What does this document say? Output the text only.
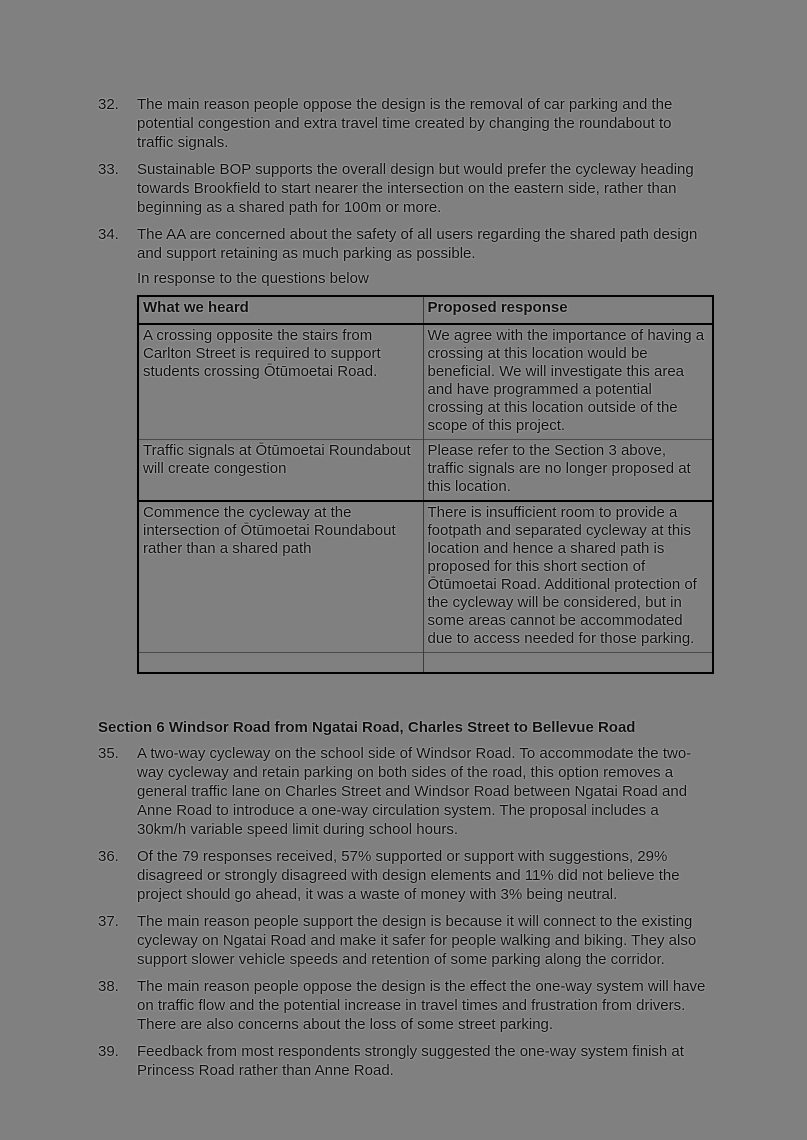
32.	The main reason people oppose the design is the removal of car parking and the potential congestion and extra travel time created by changing the roundabout to traffic signals.
33.	Sustainable BOP supports the overall design but would prefer the cycleway heading towards Brookfield to start nearer the intersection on the eastern side, rather than beginning as a shared path for 100m or more.
34.	The AA are concerned about the safety of all users regarding the shared path design and support retaining as much parking as possible.
In response to the questions below
What we heard	Proposed response
A crossing opposite the stairs from Carlton Street is required to support students crossing Ōtūmoetai Road.	We agree with the importance of having a crossing at this location would be beneficial. We will investigate this area and have programmed a potential crossing at this location outside of the scope of this project.
Traffic signals at Ōtūmoetai Roundabout will create congestion	Please refer to the Section 3 above, traffic signals are no longer proposed at this location.
Commence the cycleway at the intersection of Ōtūmoetai Roundabout rather than a shared path	There is insufficient room to provide a footpath and separated cycleway at this location and hence a shared path is proposed for this short section of Ōtūmoetai Road. Additional protection of the cycleway will be considered, but in some areas cannot be accommodated due to access needed for those parking.

Section 6 Windsor Road from Ngatai Road, Charles Street to Bellevue Road
35.	A two-way cycleway on the school side of Windsor Road. To accommodate the two-way cycleway and retain parking on both sides of the road, this option removes a general traffic lane on Charles Street and Windsor Road between Ngatai Road and Anne Road to introduce a one-way circulation system. The proposal includes a 30km/h variable speed limit during school hours.
36.	Of the 79 responses received, 57% supported or support with suggestions, 29% disagreed or strongly disagreed with design elements and 11% did not believe the project should go ahead, it was a waste of money with 3% being neutral.
37.	The main reason people support the design is because it will connect to the existing cycleway on Ngatai Road and make it safer for people walking and biking. They also support slower vehicle speeds and retention of some parking along the corridor.
38.	The main reason people oppose the design is the effect the one-way system will have on traffic flow and the potential increase in travel times and frustration from drivers. There are also concerns about the loss of some street parking.
39.	Feedback from most respondents strongly suggested the one-way system finish at Princess Road rather than Anne Road.
